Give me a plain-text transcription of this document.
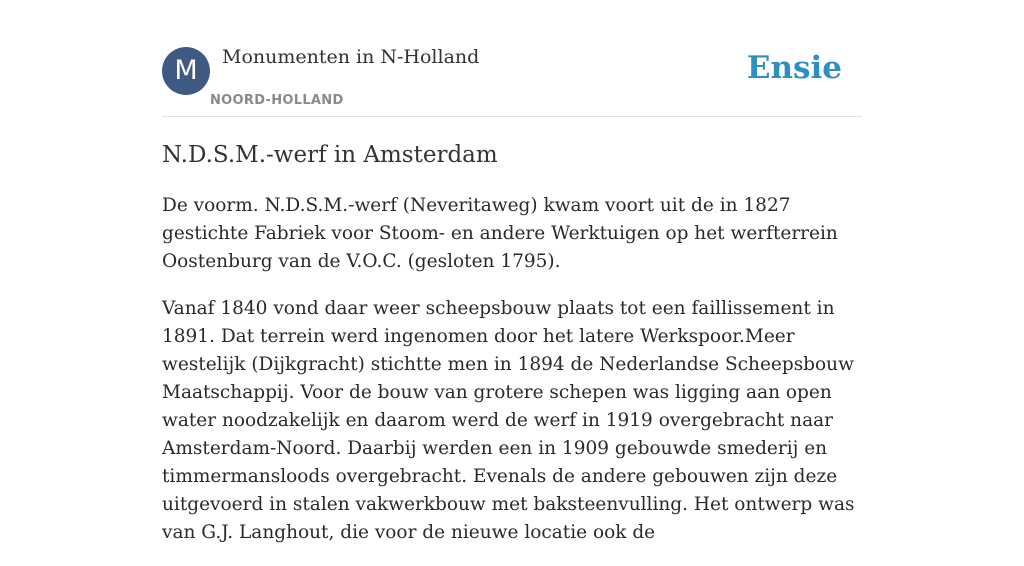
M	Monumenten in N-Holland
NOORD-HOLLAND
Ensie
N.D.S.M.-werf in Amsterdam

De voorm. N.D.S.M.-werf (Neveritaweg) kwam voort uit de in 1827 gestichte Fabriek voor Stoom- en andere Werktuigen op het werfterrein Oostenburg van de V.O.C. (gesloten 1795).

Vanaf 1840 vond daar weer scheepsbouw plaats tot een faillissement in 1891. Dat terrein werd ingenomen door het latere Werkspoor.Meer westelijk (Dijkgracht) stichtte men in 1894 de Nederlandse Scheepsbouw Maatschappij. Voor de bouw van grotere schepen was ligging aan open water noodzakelijk en daarom werd de werf in 1919 overgebracht naar Amsterdam-Noord. Daarbij werden een in 1909 gebouwde smederij en timmermansloods overgebracht. Evenals de andere gebouwen zijn deze uitgevoerd in stalen vakwerkbouw met baksteenvulling. Het ontwerp was van G.J. Langhout, die voor de nieuwe locatie ook de
